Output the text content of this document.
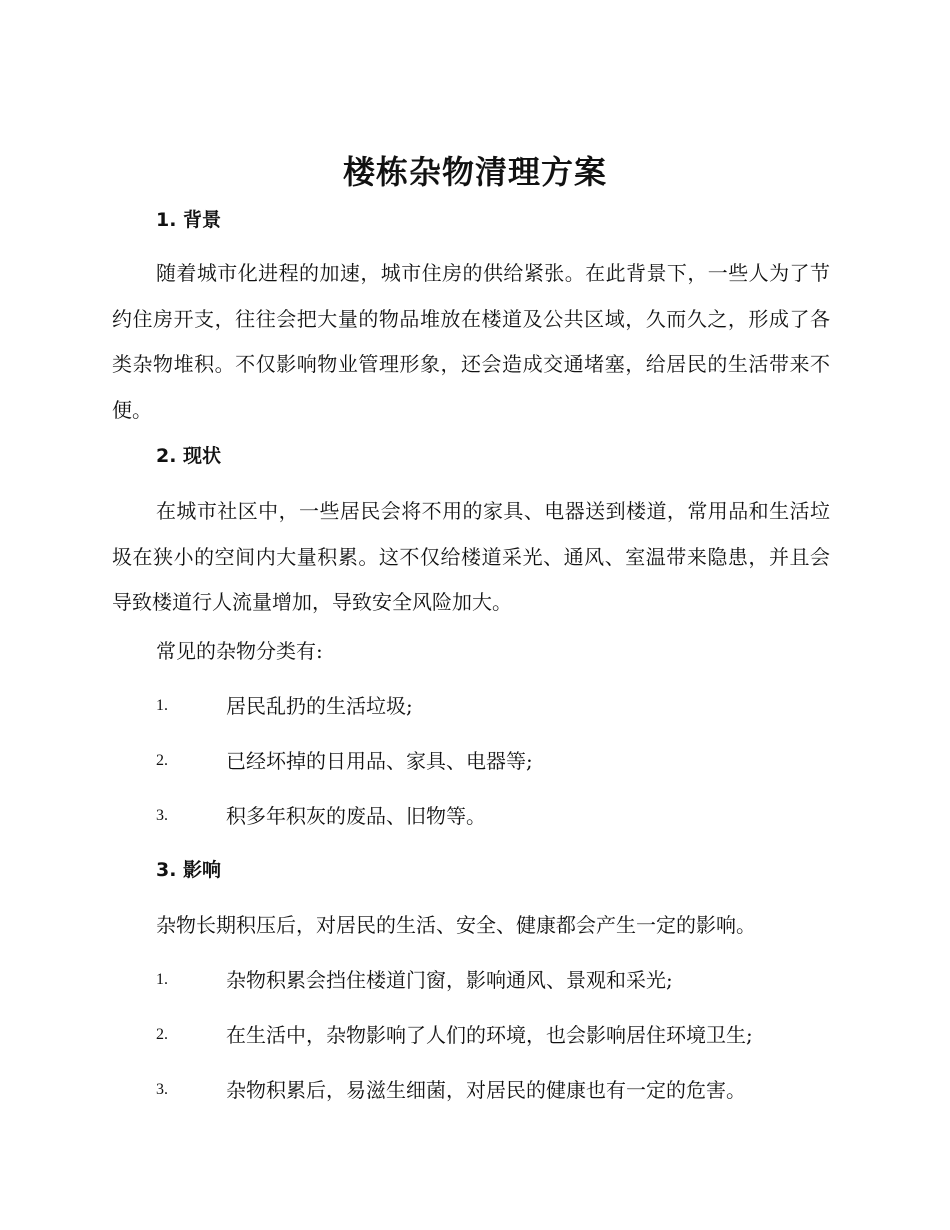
楼栋杂物清理方案
1. 背景

随着城市化进程的加速，城市住房的供给紧张。在此背景下，一些人为了节约住房开支，往往会把大量的物品堆放在楼道及公共区域，久而久之，形成了各类杂物堆积。不仅影响物业管理形象，还会造成交通堵塞，给居民的生活带来不便。

2. 现状

在城市社区中，一些居民会将不用的家具、电器送到楼道，常用品和生活垃圾在狭小的空间内大量积累。这不仅给楼道采光、通风、室温带来隐患，并且会导致楼道行人流量增加，导致安全风险加大。

常见的杂物分类有:
1.	居民乱扔的生活垃圾;
2.	已经坏掉的日用品、家具、电器等;
3.	积多年积灰的废品、旧物等。
3. 影响
杂物长期积压后，对居民的生活、安全、健康都会产生一定的影响。
1.	杂物积累会挡住楼道门窗，影响通风、景观和采光;
2.	在生活中，杂物影响了人们的环境，也会影响居住环境卫生;
3.	杂物积累后，易滋生细菌，对居民的健康也有一定的危害。
